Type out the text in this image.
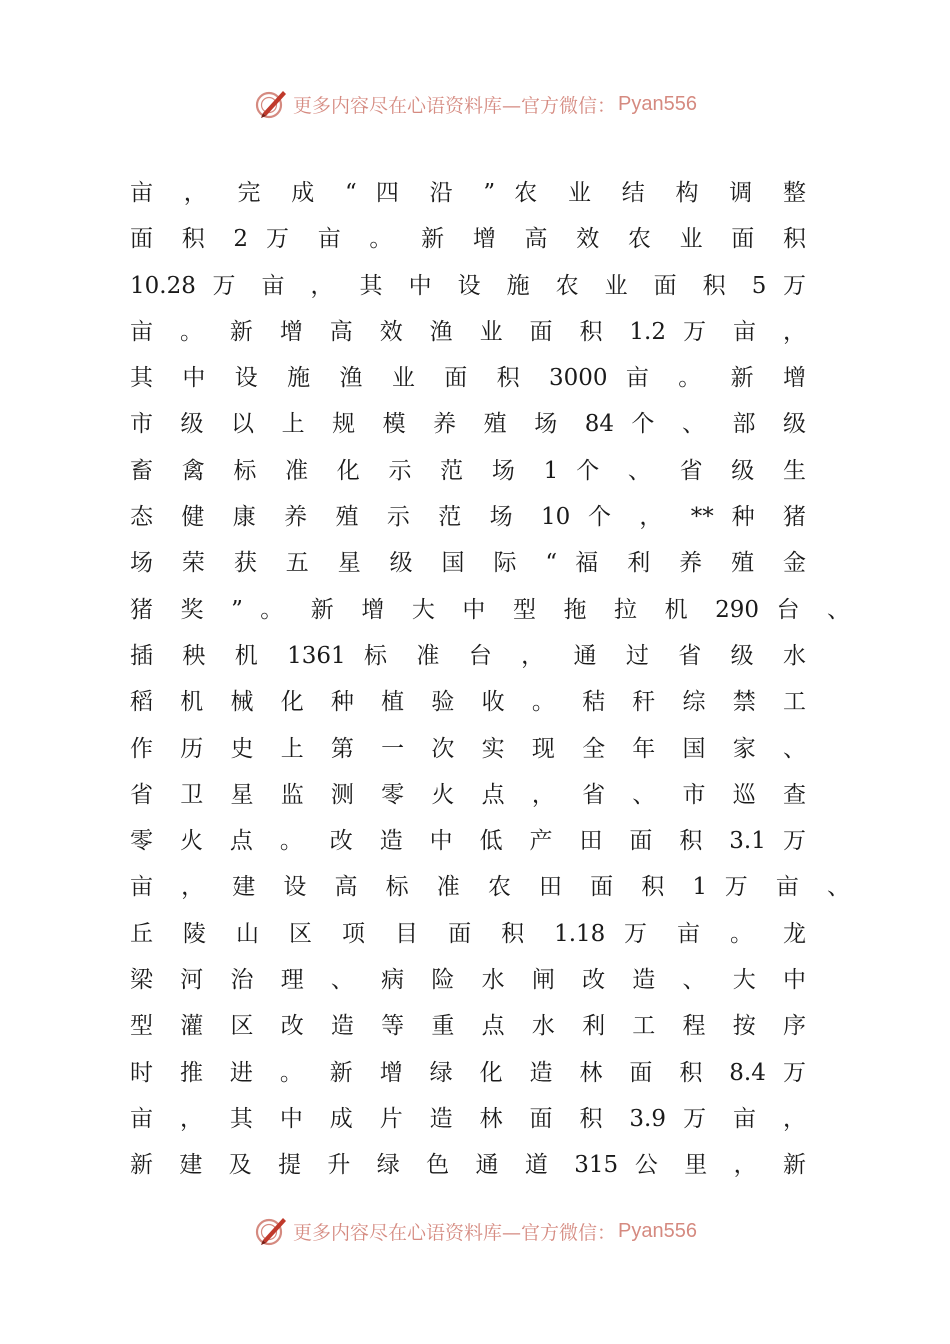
更多内容尽在心语资料库—官方微信： Pyan556
亩 ， 完 成 “ 四 沿 ” 农 业 结 构 调 整
面 积 2 万 亩 。 新 增 高 效 农 业 面 积
10.28 万 亩 ， 其 中 设 施 农 业 面 积 5 万
亩 。 新 增 高 效 渔 业 面 积 1.2 万 亩 ，
其 中 设 施 渔 业 面 积 3000 亩 。 新 增
市 级 以 上 规 模 养 殖 场 84 个 、 部 级
畜 禽 标 准 化 示 范 场 1 个 、 省 级 生
态 健 康 养 殖 示 范 场 10 个 ， ** 种 猪
场 荣 获 五 星 级 国 际 “ 福 利 养 殖 金
猪 奖 ” 。 新 增 大 中 型 拖 拉 机 290 台 、
插 秧 机 1361 标 准 台 ， 通 过 省 级 水
稻 机 械 化 种 植 验 收 。 秸 秆 综 禁 工
作 历 史 上 第 一 次 实 现 全 年 国 家 、
省 卫 星 监 测 零 火 点 ， 省 、 市 巡 查
零 火 点 。 改 造 中 低 产 田 面 积 3.1 万
亩 ， 建 设 高 标 准 农 田 面 积 1 万 亩 、
丘 陵 山 区 项 目 面 积 1.18 万 亩 。 龙
梁 河 治 理 、 病 险 水 闸 改 造 、 大 中
型 灌 区 改 造 等 重 点 水 利 工 程 按 序
时 推 进 。 新 增 绿 化 造 林 面 积 8.4 万
亩 ， 其 中 成 片 造 林 面 积 3.9 万 亩 ，
新 建 及 提 升 绿 色 通 道 315 公 里 ， 新
更多内容尽在心语资料库—官方微信： Pyan556
